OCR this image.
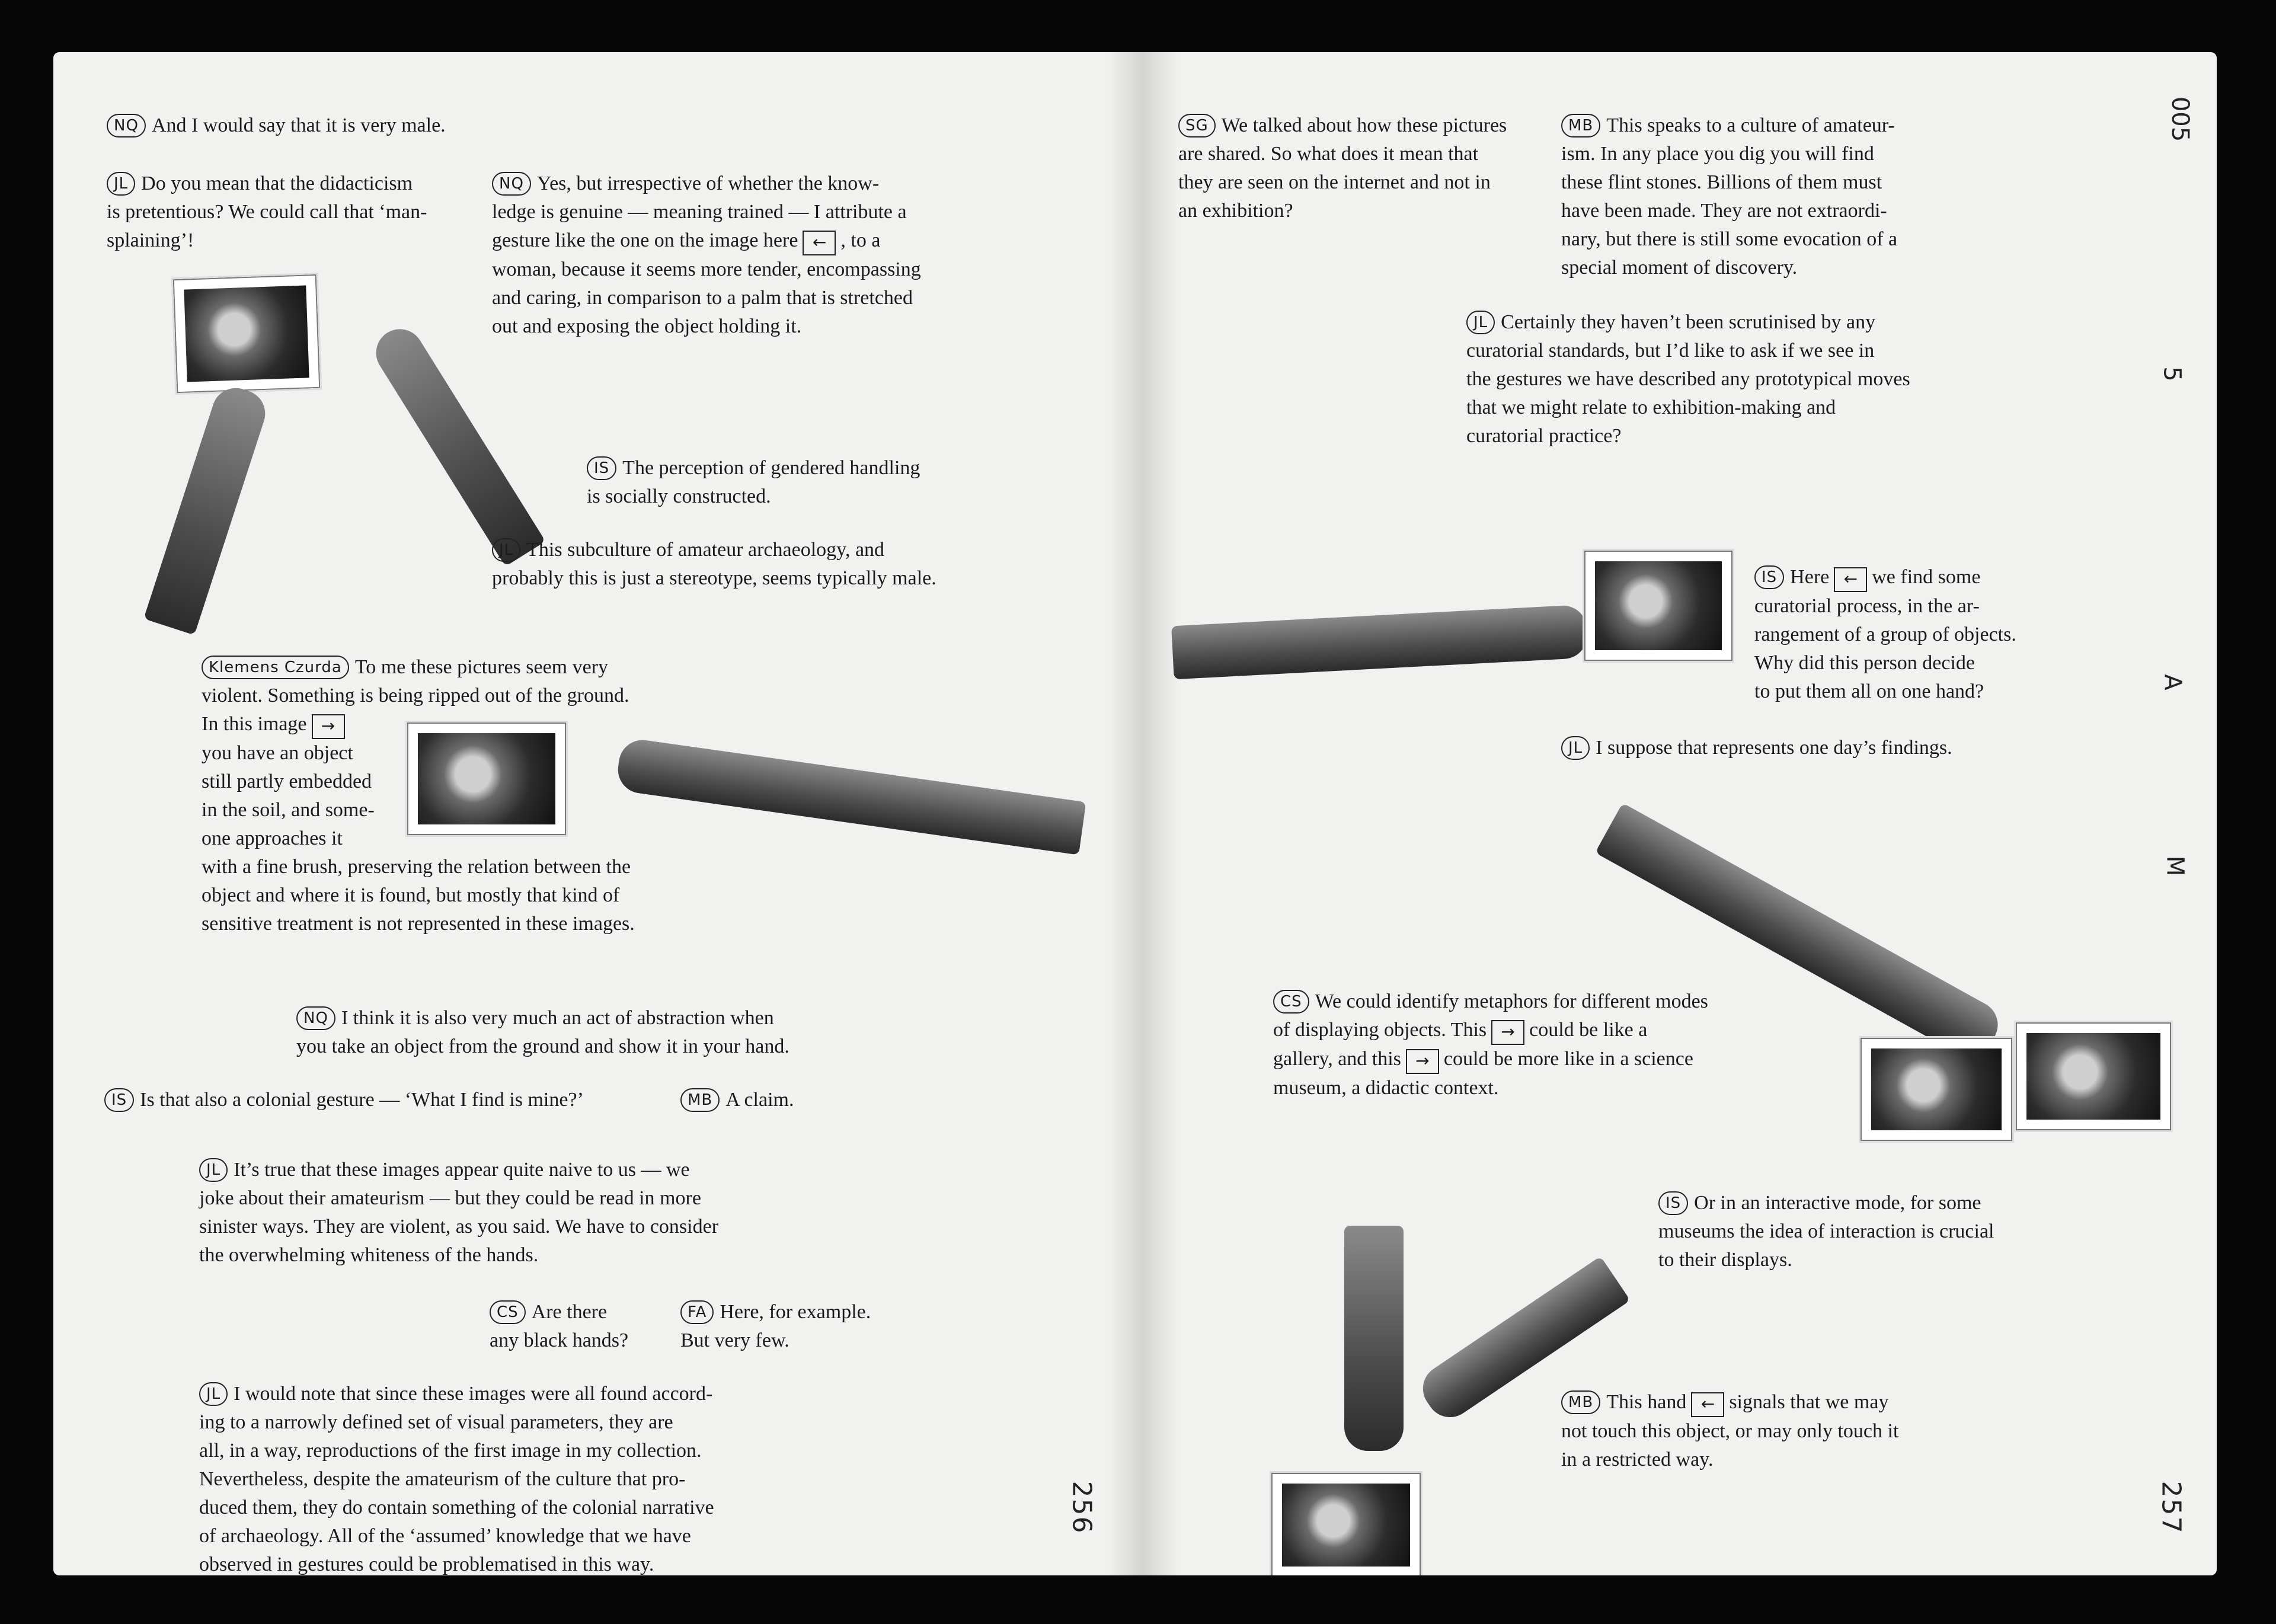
NQ And I would say that it is very male.

JL Do you mean that the didacticism
is pretentious? We could call that ‘man-
splaining’!

NQ Yes, but irrespective of whether the know-
ledge is genuine — meaning trained — I attribute a
gesture like the one on the image here ← , to a
woman, because it seems more tender, encompassing
and caring, in comparison to a palm that is stretched
out and exposing the object holding it.

IS The perception of gendered handling
is socially constructed.

JL This subculture of amateur archaeology, and
probably this is just a stereotype, seems typically male.

Klemens Czurda To me these pictures seem very
violent. Something is being ripped out of the ground.
In this image →
you have an object
still partly embedded
in the soil, and some-
one approaches it
with a fine brush, preserving the relation between the
object and where it is found, but mostly that kind of
sensitive treatment is not represented in these images.

NQ I think it is also very much an act of abstraction when
you take an object from the ground and show it in your hand.

IS Is that also a colonial gesture — ‘What I find is mine?’	MB A claim.

JL It’s true that these images appear quite naive to us — we
joke about their amateurism — but they could be read in more
sinister ways. They are violent, as you said. We have to consider
the overwhelming whiteness of the hands.

CS Are there
any black hands?

FA Here, for example.
But very few.

JL I would note that since these images were all found accord-
ing to a narrowly defined set of visual parameters, they are
all, in a way, reproductions of the first image in my collection.
Nevertheless, despite the amateurism of the culture that pro-
duced them, they do contain something of the colonial narrative
of archaeology. All of the ‘assumed’ knowledge that we have
observed in gestures could be problematised in this way.

256

SG We talked about how these pictures
are shared. So what does it mean that
they are seen on the internet and not in
an exhibition?

MB This speaks to a culture of amateur-
ism. In any place you dig you will find
these flint stones. Billions of them must
have been made. They are not extraordi-
nary, but there is still some evocation of a
special moment of discovery.

JL Certainly they haven’t been scrutinised by any
curatorial standards, but I’d like to ask if we see in
the gestures we have described any prototypical moves
that we might relate to exhibition-making and
curatorial practice?

IS Here ← we find some
curatorial process, in the ar-
rangement of a group of objects.
Why did this person decide
to put them all on one hand?

JL I suppose that represents one day’s findings.

CS We could identify metaphors for different modes
of displaying objects. This → could be like a
gallery, and this → could be more like in a science
museum, a didactic context.

IS Or in an interactive mode, for some
museums the idea of interaction is crucial
to their displays.

MB This hand ← signals that we may
not touch this object, or may only touch it
in a restricted way.

005
5
A
M
257
